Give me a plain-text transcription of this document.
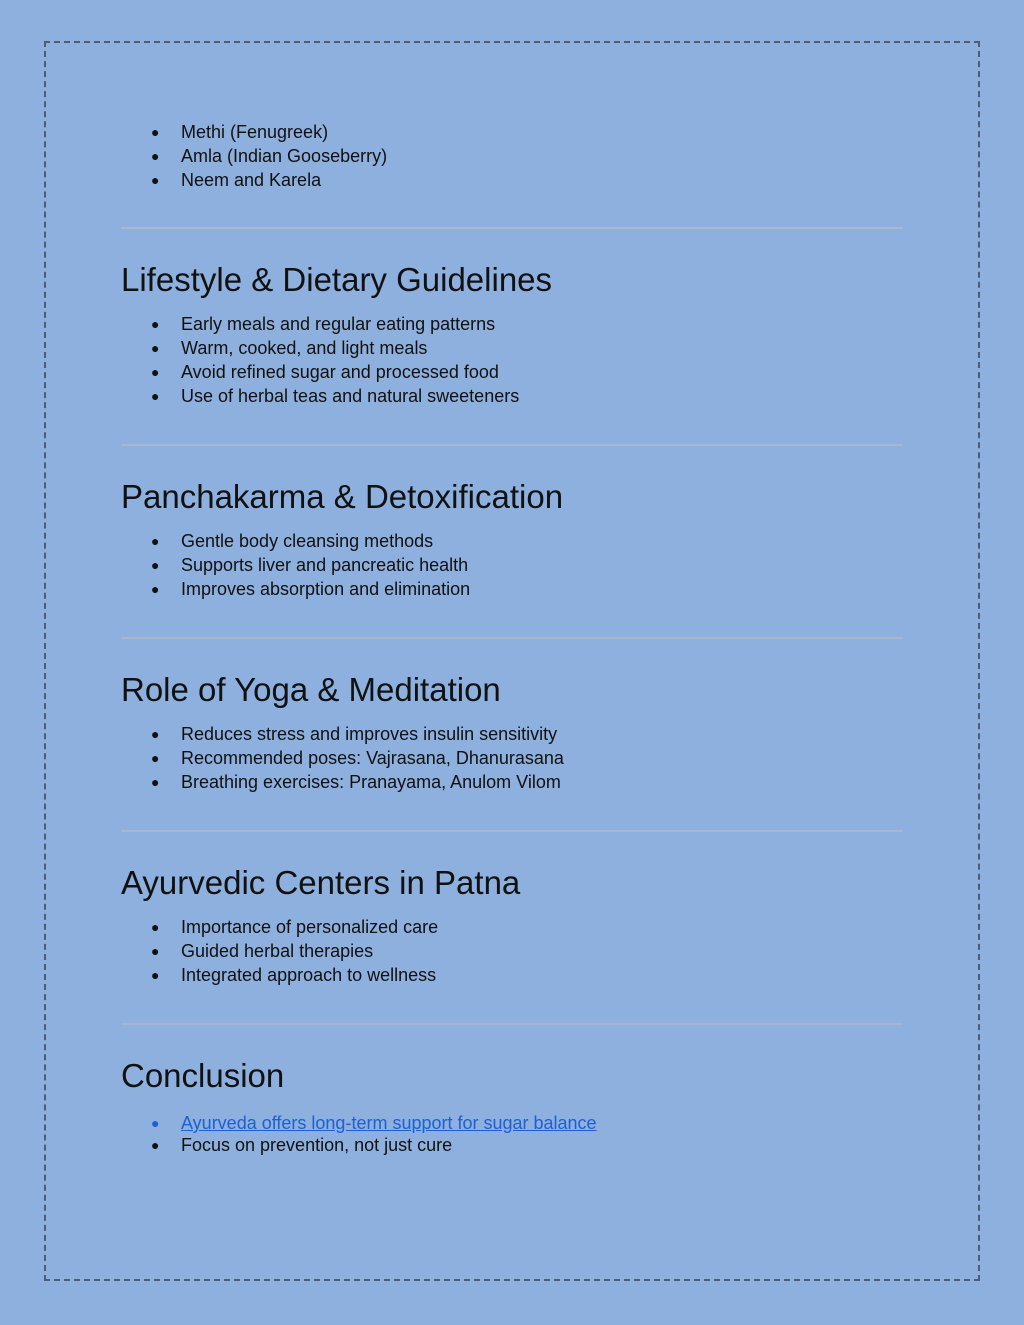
● Methi (Fenugreek)
● Amla (Indian Gooseberry)
● Neem and Karela
Lifestyle & Dietary Guidelines
● Early meals and regular eating patterns
● Warm, cooked, and light meals
● Avoid refined sugar and processed food
● Use of herbal teas and natural sweeteners
Panchakarma & Detoxification
● Gentle body cleansing methods
● Supports liver and pancreatic health
● Improves absorption and elimination
Role of Yoga & Meditation
● Reduces stress and improves insulin sensitivity
● Recommended poses: Vajrasana, Dhanurasana
● Breathing exercises: Pranayama, Anulom Vilom
Ayurvedic Centers in Patna
● Importance of personalized care
● Guided herbal therapies
● Integrated approach to wellness
Conclusion
● Ayurveda offers long-term support for sugar balance
● Focus on prevention, not just cure
